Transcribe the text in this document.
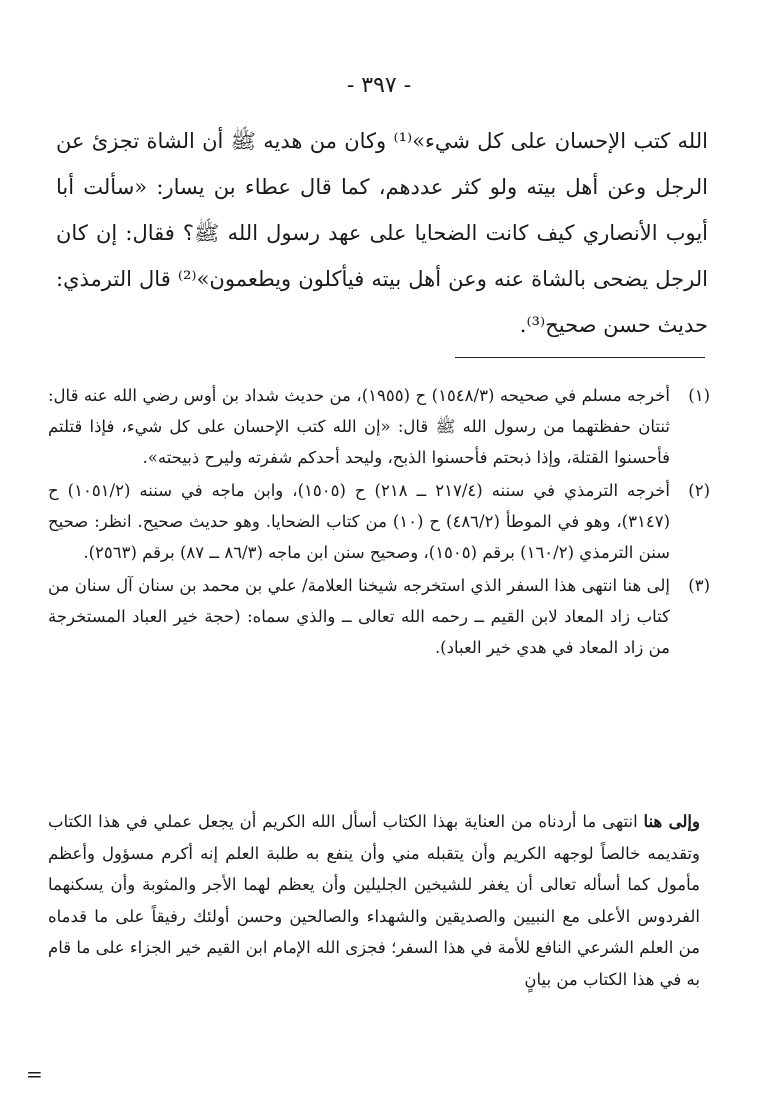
- ٣٩٧ -

الله كتب الإحسان على كل شيء»⁽¹⁾ وكان من هديه ﷺ أن الشاة تجزئ عن الرجل وعن أهل بيته ولو كثر عددهم، كما قال عطاء بن يسار: «سألت أبا أيوب الأنصاري كيف كانت الضحايا على عهد رسول الله ﷺ؟ فقال: إن كان الرجل يضحى بالشاة عنه وعن أهل بيته فيأكلون ويطعمون»⁽²⁾ قال الترمذي: حديث حسن صحيح⁽³⁾.

(١)
أخرجه مسلم في صحيحه (١٥٤٨/٣) ح (١٩٥٥)، من حديث شداد بن أوس رضي الله عنه قال: ثنتان حفظتهما من رسول الله ﷺ قال: «إن الله كتب الإحسان على كل شيء، فإذا قتلتم فأحسنوا القتلة، وإذا ذبحتم فأحسنوا الذبح، وليحد أحدكم شفرته وليرح ذبيحته».
(٢)
أخرجه الترمذي في سننه (٢١٧/٤ ــ ٢١٨) ح (١٥٠٥)، وابن ماجه في سننه (١٠٥١/٢) ح (٣١٤٧)، وهو في الموطأ (٤٨٦/٢) ح (١٠) من كتاب الضحايا. وهو حديث صحيح. انظر: صحيح سنن الترمذي (١٦٠/٢) برقم (١٥٠٥)، وصحيح سنن ابن ماجه (٨٦/٣ ــ ٨٧) برقم (٢٥٦٣).
(٣)
إلى هنا انتهى هذا السفر الذي استخرجه شيخنا العلامة/ علي بن محمد بن سنان آل سنان من كتاب زاد المعاد لابن القيم ــ رحمه الله تعالى ــ والذي سماه: (حجة خير العباد المستخرجة من زاد المعاد في هدي خير العباد).

وإلى هنا انتهى ما أردناه من العناية بهذا الكتاب أسأل الله الكريم أن يجعل عملي في هذا الكتاب وتقديمه خالصاً لوجهه الكريم وأن يتقبله مني وأن ينفع به طلبة العلم إنه أكرم مسؤول وأعظم مأمول كما أسأله تعالى أن يغفر للشيخين الجليلين وأن يعظم لهما الأجر والمثوبة وأن يسكنهما الفردوس الأعلى مع النبيين والصديقين والشهداء والصالحين وحسن أولئك رفيقاً على ما قدماه من العلم الشرعي النافع للأمة في هذا السفر؛ فجزى الله الإمام ابن القيم خير الجزاء على ما قام به في هذا الكتاب من بيانٍ

=
